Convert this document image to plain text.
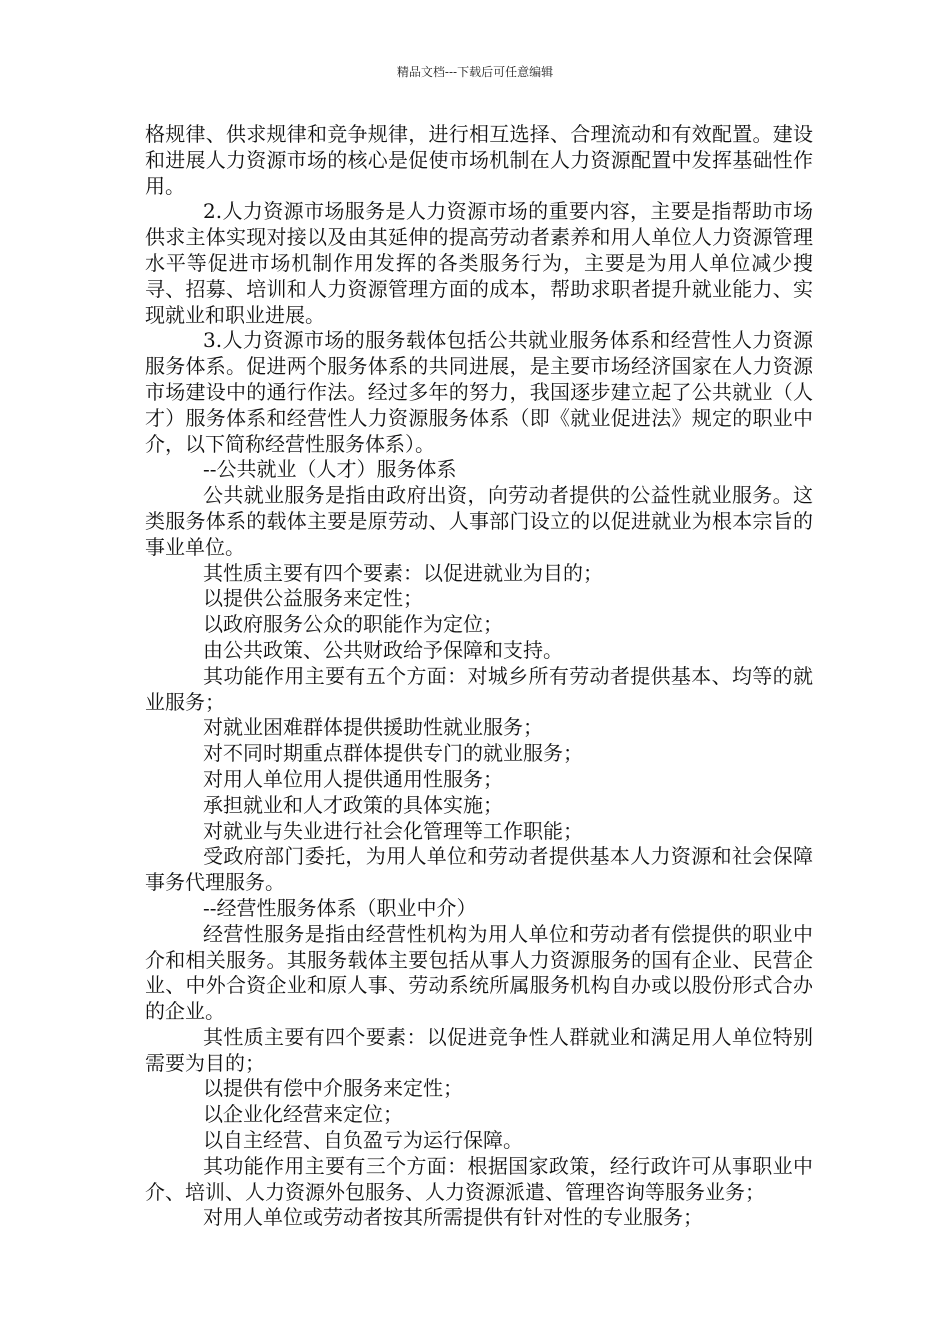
精品文档---下载后可任意编辑

格规律、供求规律和竞争规律，进行相互选择、合理流动和有效配置。建设和进展人力资源市场的核心是促使市场机制在人力资源配置中发挥基础性作用。

2.人力资源市场服务是人力资源市场的重要内容，主要是指帮助市场供求主体实现对接以及由其延伸的提高劳动者素养和用人单位人力资源管理水平等促进市场机制作用发挥的各类服务行为，主要是为用人单位减少搜寻、招募、培训和人力资源管理方面的成本，帮助求职者提升就业能力、实现就业和职业进展。

3.人力资源市场的服务载体包括公共就业服务体系和经营性人力资源服务体系。促进两个服务体系的共同进展，是主要市场经济国家在人力资源市场建设中的通行作法。经过多年的努力，我国逐步建立起了公共就业（人才）服务体系和经营性人力资源服务体系（即《就业促进法》规定的职业中介，以下简称经营性服务体系）。

--公共就业（人才）服务体系

公共就业服务是指由政府出资，向劳动者提供的公益性就业服务。这类服务体系的载体主要是原劳动、人事部门设立的以促进就业为根本宗旨的事业单位。

其性质主要有四个要素：以促进就业为目的；

以提供公益服务来定性；

以政府服务公众的职能作为定位；

由公共政策、公共财政给予保障和支持。

其功能作用主要有五个方面：对城乡所有劳动者提供基本、均等的就业服务；

对就业困难群体提供援助性就业服务；

对不同时期重点群体提供专门的就业服务；

对用人单位用人提供通用性服务；

承担就业和人才政策的具体实施；

对就业与失业进行社会化管理等工作职能；

受政府部门委托，为用人单位和劳动者提供基本人力资源和社会保障事务代理服务。

--经营性服务体系（职业中介）

经营性服务是指由经营性机构为用人单位和劳动者有偿提供的职业中介和相关服务。其服务载体主要包括从事人力资源服务的国有企业、民营企业、中外合资企业和原人事、劳动系统所属服务机构自办或以股份形式合办的企业。

其性质主要有四个要素：以促进竞争性人群就业和满足用人单位特别需要为目的；

以提供有偿中介服务来定性；

以企业化经营来定位；

以自主经营、自负盈亏为运行保障。

其功能作用主要有三个方面：根据国家政策，经行政许可从事职业中介、培训、人力资源外包服务、人力资源派遣、管理咨询等服务业务；

对用人单位或劳动者按其所需提供有针对性的专业服务；
